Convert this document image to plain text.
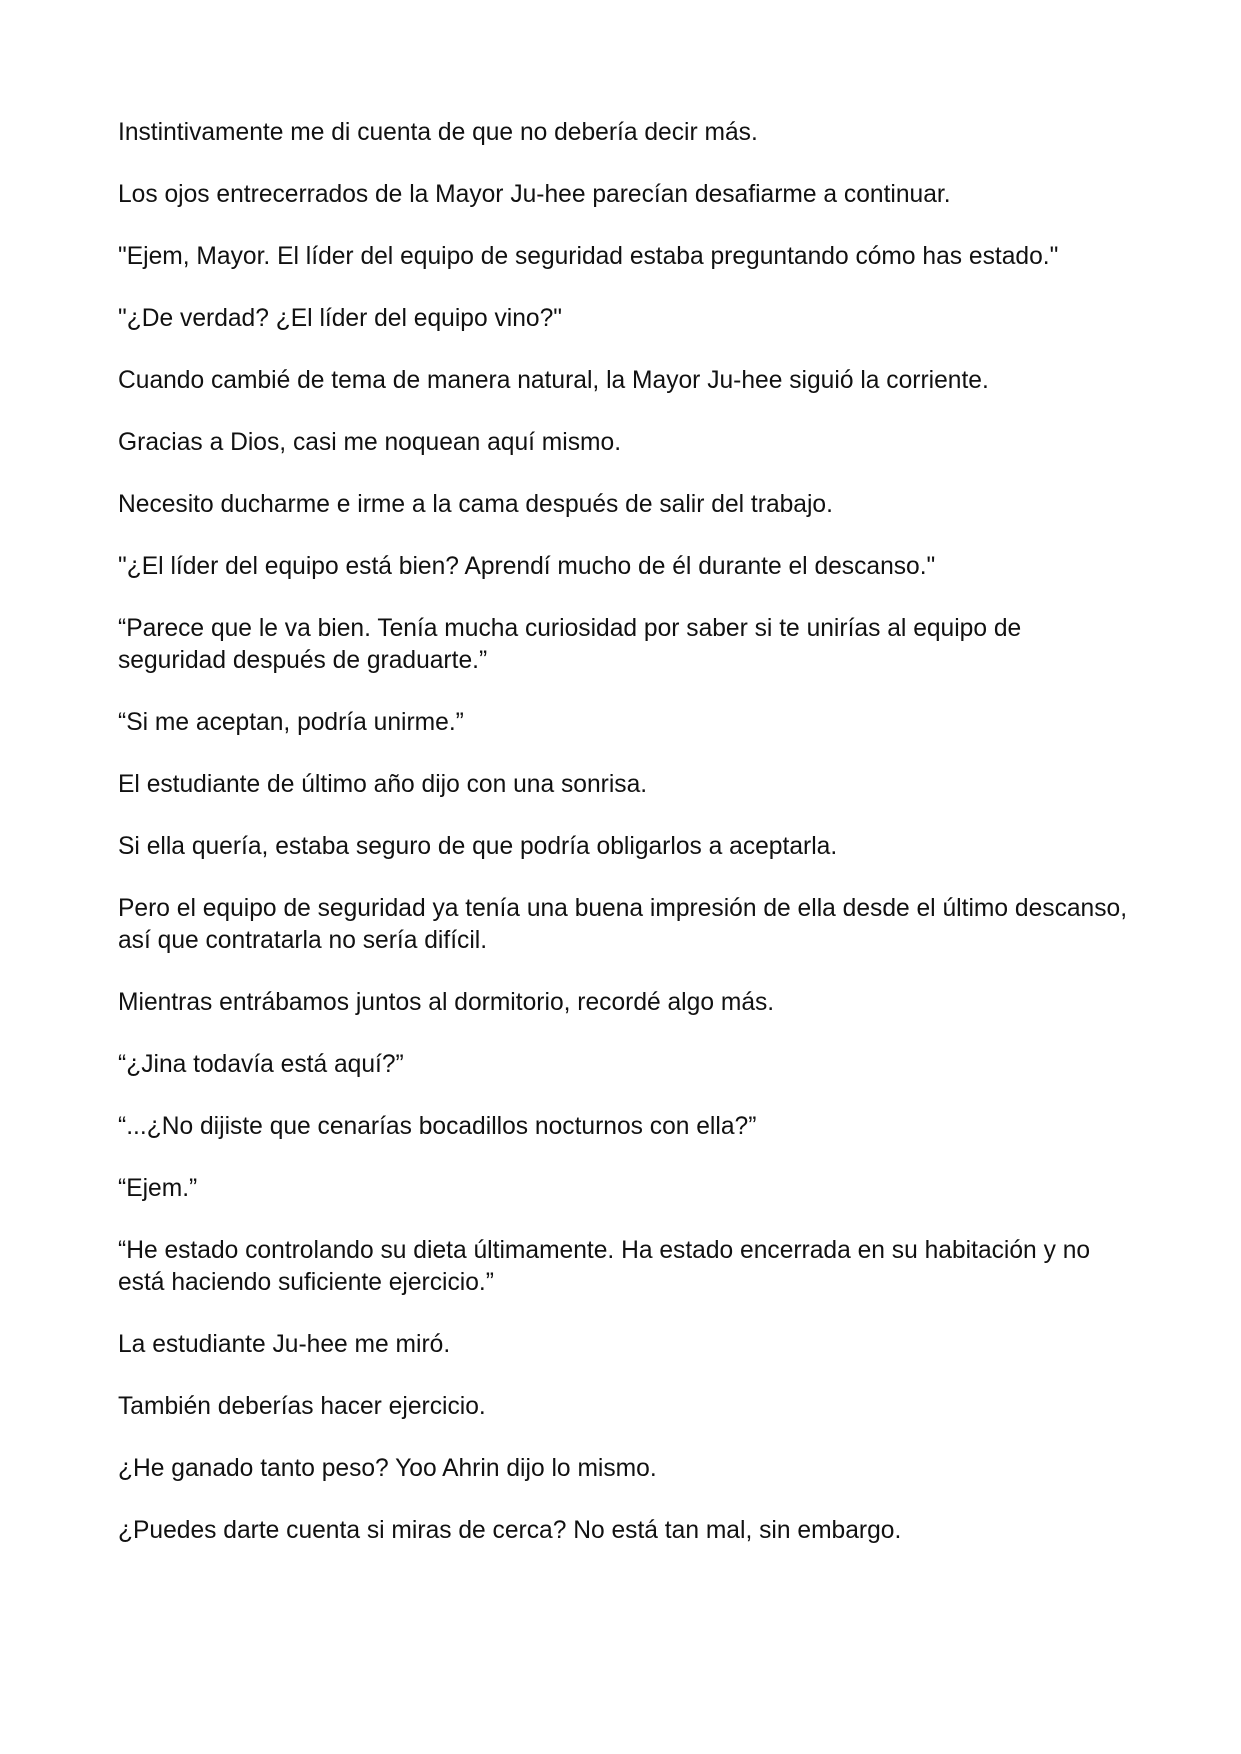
Instintivamente me di cuenta de que no debería decir más.

Los ojos entrecerrados de la Mayor Ju-hee parecían desafiarme a continuar.

"Ejem, Mayor. El líder del equipo de seguridad estaba preguntando cómo has estado."

"¿De verdad? ¿El líder del equipo vino?"

Cuando cambié de tema de manera natural, la Mayor Ju-hee siguió la corriente.

Gracias a Dios, casi me noquean aquí mismo.

Necesito ducharme e irme a la cama después de salir del trabajo.

"¿El líder del equipo está bien? Aprendí mucho de él durante el descanso."

“Parece que le va bien. Tenía mucha curiosidad por saber si te unirías al equipo de seguridad después de graduarte.”

“Si me aceptan, podría unirme.”

El estudiante de último año dijo con una sonrisa.

Si ella quería, estaba seguro de que podría obligarlos a aceptarla.

Pero el equipo de seguridad ya tenía una buena impresión de ella desde el último descanso, así que contratarla no sería difícil.

Mientras entrábamos juntos al dormitorio, recordé algo más.

“¿Jina todavía está aquí?”

“...¿No dijiste que cenarías bocadillos nocturnos con ella?”

“Ejem.”

“He estado controlando su dieta últimamente. Ha estado encerrada en su habitación y no está haciendo suficiente ejercicio.”

La estudiante Ju-hee me miró.

También deberías hacer ejercicio.

¿He ganado tanto peso? Yoo Ahrin dijo lo mismo.

¿Puedes darte cuenta si miras de cerca? No está tan mal, sin embargo.
